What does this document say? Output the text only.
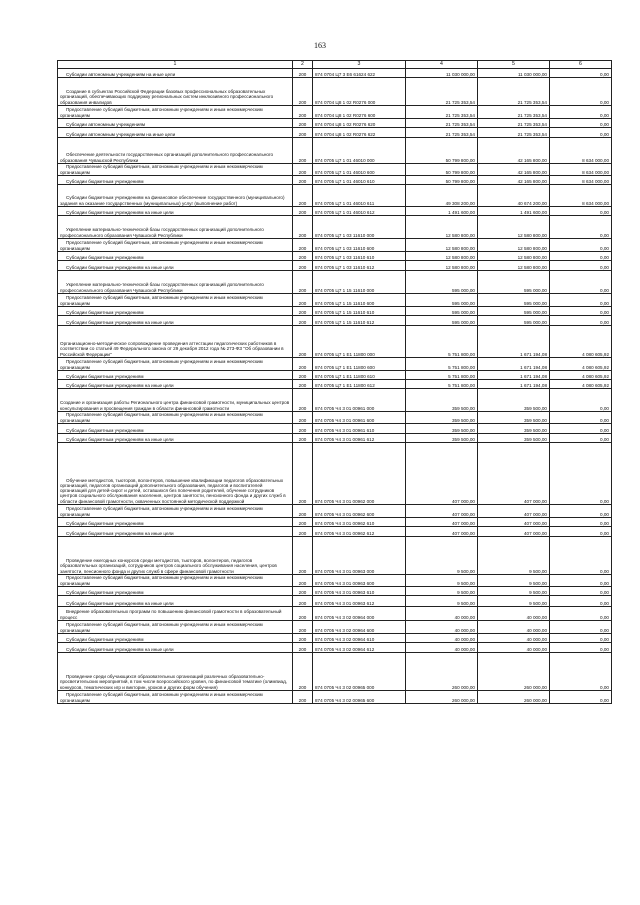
163
1	2	3	4	5	6
Субсидии автономным учреждениям на иные цели	200	874 0704 Ц7 3 E6 61624 622	11 030 000,00	11 030 000,00	0,00
Создание в субъектах Российской Федерации базовых профессиональных образовательных организаций, обеспечивающих поддержку региональных систем инклюзивного профессионального образования инвалидов	200	874 0704 Ц8 1 02 R0276 000	21 725 353,54	21 725 353,54	0,00
Предоставление субсидий бюджетным, автономным учреждениям и иным некоммерческим организациям	200	874 0704 Ц8 1 02 R0276 600	21 725 353,54	21 725 353,54	0,00
Субсидии автономным учреждениям	200	874 0704 Ц8 1 02 R0276 620	21 725 353,54	21 725 353,54	0,00
Субсидии автономным учреждениям на иные цели	200	874 0704 Ц8 1 02 R0276 622	21 725 353,54	21 725 353,54	0,00
Обеспечение деятельности государственных организаций дополнительного профессионального образования Чувашской Республики	200	874 0705 Ц7 1 01 46010 000	50 799 800,00	42 165 800,00	8 634 000,00
Предоставление субсидий бюджетным, автономным учреждениям и иным некоммерческим организациям	200	874 0705 Ц7 1 01 46010 600	50 799 800,00	42 165 800,00	8 634 000,00
Субсидии бюджетным учреждениям	200	874 0705 Ц7 1 01 46010 610	50 799 800,00	42 165 800,00	8 634 000,00
Субсидии бюджетным учреждениям на финансовое обеспечение государственного (муниципального) задания на оказание государственных (муниципальных) услуг (выполнение работ)	200	874 0705 Ц7 1 01 46010 611	49 308 200,00	40 674 200,00	8 634 000,00
Субсидии бюджетным учреждениям на иные цели	200	874 0705 Ц7 1 01 46010 612	1 491 600,00	1 491 600,00	0,00
Укрепление материально-технической базы государственных организаций дополнительного профессионального образования Чувашской Республики	200	874 0705 Ц7 1 03 11610 000	12 580 800,00	12 580 800,00	0,00
Предоставление субсидий бюджетным, автономным учреждениям и иным некоммерческим организациям	200	874 0705 Ц7 1 03 11610 600	12 580 800,00	12 580 800,00	0,00
Субсидии бюджетным учреждениям	200	874 0705 Ц7 1 03 11610 610	12 580 800,00	12 580 800,00	0,00
Субсидии бюджетным учреждениям на иные цели	200	874 0705 Ц7 1 03 11610 612	12 580 800,00	12 580 800,00	0,00
Укрепление материально-технической базы государственных организаций дополнительного профессионального образования Чувашской Республики	200	874 0705 Ц7 1 15 11610 000	595 000,00	595 000,00	0,00
Предоставление субсидий бюджетным, автономным учреждениям и иным некоммерческим организациям	200	874 0705 Ц7 1 15 11610 600	595 000,00	595 000,00	0,00
Субсидии бюджетным учреждениям	200	874 0705 Ц7 1 15 11610 610	595 000,00	595 000,00	0,00
Субсидии бюджетным учреждениям на иные цели	200	874 0705 Ц7 1 15 11610 612	595 000,00	595 000,00	0,00
Организационно-методическое сопровождение проведения аттестации педагогических работников в соответствии со статьей 49 Федерального закона от 29 декабря 2012 года № 273-ФЗ "Об образовании в Российской Федерации"	200	874 0705 Ц7 1 E1 11800 000	5 751 800,00	1 671 194,08	4 080 605,92
Предоставление субсидий бюджетным, автономным учреждениям и иным некоммерческим организациям	200	874 0705 Ц7 1 E1 11800 600	5 751 800,00	1 671 194,08	4 080 605,92
Субсидии бюджетным учреждениям	200	874 0705 Ц7 1 E1 11800 610	5 751 800,00	1 671 194,08	4 080 605,92
Субсидии бюджетным учреждениям на иные цели	200	874 0705 Ц7 1 E1 11800 612	5 751 800,00	1 671 194,08	4 080 605,92
Создание и организация работы Регионального центра финансовой грамотности, муниципальных центров консультирования и просвещения граждан в области финансовой грамотности	200	874 0705 Ч4 3 01 00961 000	359 500,00	359 500,00	0,00
Предоставление субсидий бюджетным, автономным учреждениям и иным некоммерческим организациям	200	874 0705 Ч4 3 01 00961 600	359 500,00	359 500,00	0,00
Субсидии бюджетным учреждениям	200	874 0705 Ч4 3 01 00961 610	359 500,00	359 500,00	0,00
Субсидии бюджетным учреждениям на иные цели	200	874 0705 Ч4 3 01 00961 612	359 500,00	359 500,00	0,00
Обучение методистов, тьюторов, волонтеров, повышение квалификации педагогов образовательных организаций, педагогов организаций дополнительного образования, педагогов и воспитателей организаций для детей-сирот и детей, оставшихся без попечения родителей, обучение сотрудников центров социального обслуживания населения, центров занятости, пенсионного фонда и других служб в области финансовой грамотности, охваченных постоянной методической поддержкой	200	874 0705 Ч4 3 01 00962 000	407 000,00	407 000,00	0,00
Предоставление субсидий бюджетным, автономным учреждениям и иным некоммерческим организациям	200	874 0705 Ч4 3 01 00962 600	407 000,00	407 000,00	0,00
Субсидии бюджетным учреждениям	200	874 0705 Ч4 3 01 00962 610	407 000,00	407 000,00	0,00
Субсидии бюджетным учреждениям на иные цели	200	874 0705 Ч4 3 01 00962 612	407 000,00	407 000,00	0,00
Проведение ежегодных конкурсов среди методистов, тьюторов, волонтеров, педагогов образовательных организаций, сотрудников центров социального обслуживания населения, центров занятости, пенсионного фонда и других служб в сфере финансовой грамотности	200	874 0705 Ч4 3 01 00963 000	9 500,00	9 500,00	0,00
Предоставление субсидий бюджетным, автономным учреждениям и иным некоммерческим организациям	200	874 0705 Ч4 3 01 00963 600	9 500,00	9 500,00	0,00
Субсидии бюджетным учреждениям	200	874 0705 Ч4 3 01 00963 610	9 500,00	9 500,00	0,00
Субсидии бюджетным учреждениям на иные цели	200	874 0705 Ч4 3 01 00963 612	9 500,00	9 500,00	0,00
Внедрение образовательных программ по повышению финансовой грамотности в образовательный процесс	200	874 0705 Ч4 3 02 00964 000	40 000,00	40 000,00	0,00
Предоставление субсидий бюджетным, автономным учреждениям и иным некоммерческим организациям	200	874 0705 Ч4 3 02 00964 600	40 000,00	40 000,00	0,00
Субсидии бюджетным учреждениям	200	874 0705 Ч4 3 02 00964 610	40 000,00	40 000,00	0,00
Субсидии бюджетным учреждениям на иные цели	200	874 0705 Ч4 3 02 00964 612	40 000,00	40 000,00	0,00
Проведение среди обучающихся образовательных организаций различных образовательно-просветительских мероприятий, в том числе всероссийского уровня, по финансовой тематике (олимпиад, конкурсов, тематических игр и викторин, уроков и других форм обучения)	200	874 0705 Ч4 3 02 00965 000	260 000,00	260 000,00	0,00
Предоставление субсидий бюджетным, автономным учреждениям и иным некоммерческим организациям	200	874 0705 Ч4 3 02 00965 600	260 000,00	260 000,00	0,00
